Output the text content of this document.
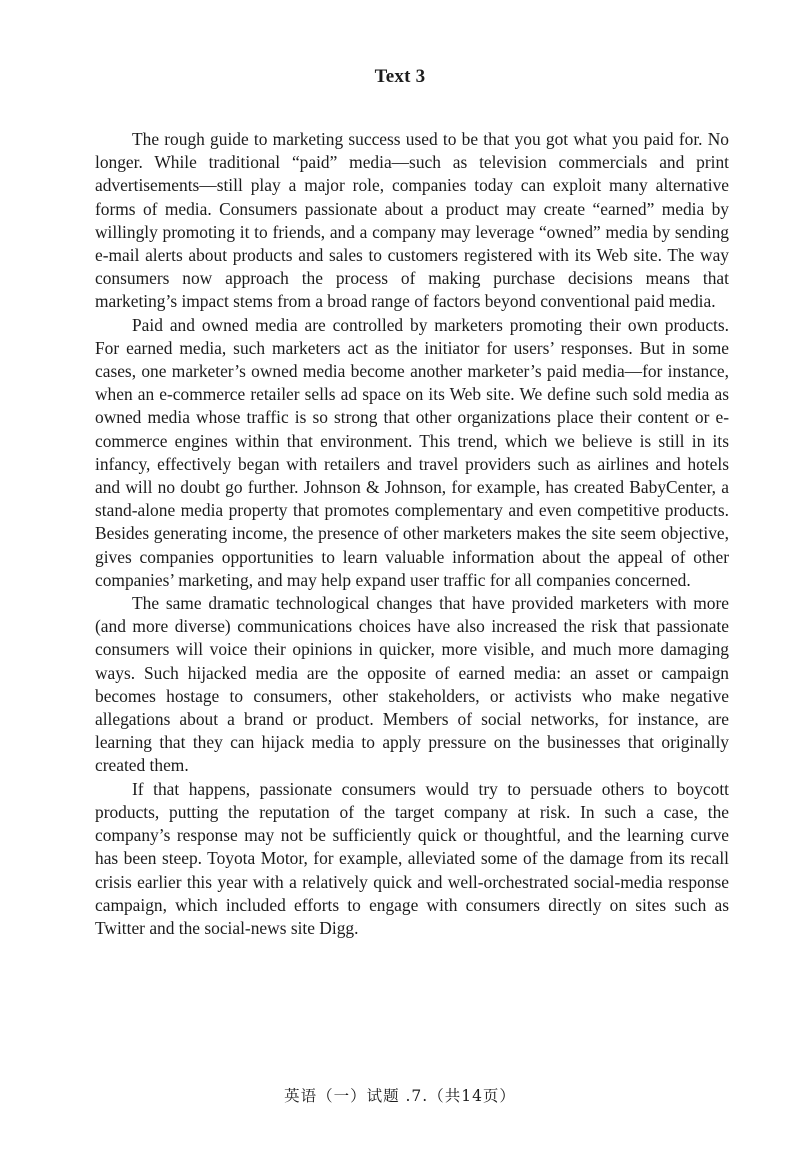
Text 3

The rough guide to marketing success used to be that you got what you paid for. No longer. While traditional “paid” media—such as television commercials and print advertisements—still play a major role, companies today can exploit many alternative forms of media. Consumers passionate about a product may create “earned” media by willingly promoting it to friends, and a company may leverage “owned” media by sending e-mail alerts about products and sales to customers registered with its Web site. The way consumers now approach the process of making purchase decisions means that marketing’s impact stems from a broad range of factors beyond conventional paid media.

Paid and owned media are controlled by marketers promoting their own products. For earned media, such marketers act as the initiator for users’ responses. But in some cases, one marketer’s owned media become another marketer’s paid media—for instance, when an e-commerce retailer sells ad space on its Web site. We define such sold media as owned media whose traffic is so strong that other organizations place their content or e-commerce engines within that environment. This trend, which we believe is still in its infancy, effectively began with retailers and travel providers such as airlines and hotels and will no doubt go further. Johnson & Johnson, for example, has created BabyCenter, a stand-alone media property that promotes complementary and even competitive products. Besides generating income, the presence of other marketers makes the site seem objective, gives companies opportunities to learn valuable information about the appeal of other companies’ marketing, and may help expand user traffic for all companies concerned.

The same dramatic technological changes that have provided marketers with more (and more diverse) communications choices have also increased the risk that passionate consumers will voice their opinions in quicker, more visible, and much more damaging ways. Such hijacked media are the opposite of earned media: an asset or campaign becomes hostage to consumers, other stakeholders, or activists who make negative allegations about a brand or product. Members of social networks, for instance, are learning that they can hijack media to apply pressure on the businesses that originally created them.

If that happens, passionate consumers would try to persuade others to boycott products, putting the reputation of the target company at risk. In such a case, the company’s response may not be sufficiently quick or thoughtful, and the learning curve has been steep. Toyota Motor, for example, alleviated some of the damage from its recall crisis earlier this year with a relatively quick and well-orchestrated social-media response campaign, which included efforts to engage with consumers directly on sites such as Twitter and the social-news site Digg.

英语（一）试题 .7.（共14页）
